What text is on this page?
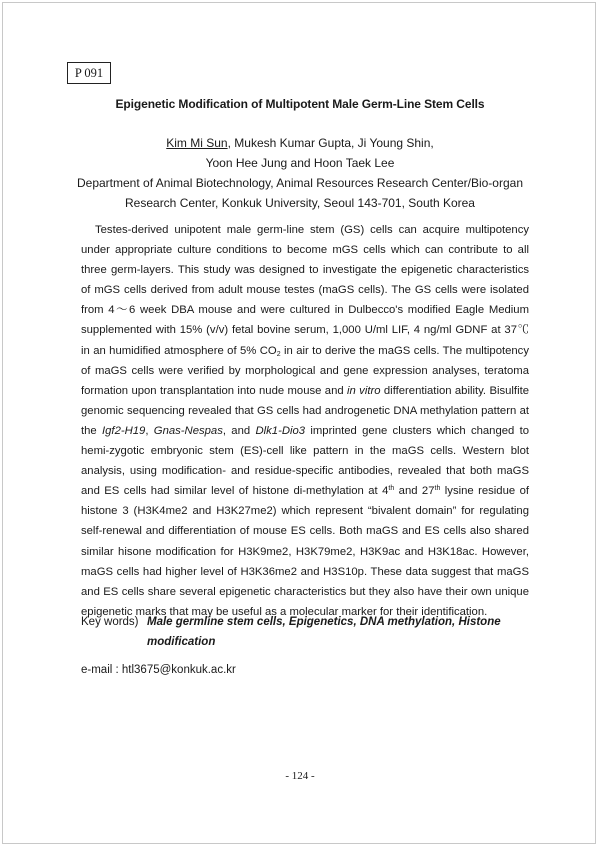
P 091
Epigenetic Modification of Multipotent Male Germ-Line Stem Cells
Kim Mi Sun, Mukesh Kumar Gupta, Ji Young Shin,
Yoon Hee Jung and Hoon Taek Lee
Department of Animal Biotechnology, Animal Resources Research Center/Bio-organ
Research Center, Konkuk University, Seoul 143-701, South Korea

Testes-derived unipotent male germ-line stem (GS) cells can acquire multipotency under appropriate culture conditions to become mGS cells which can contribute to all three germ-layers. This study was designed to investigate the epigenetic characteristics of mGS cells derived from adult mouse testes (maGS cells). The GS cells were isolated from 4～6 week DBA mouse and were cultured in Dulbecco's modified Eagle Medium supplemented with 15% (v/v) fetal bovine serum, 1,000 U/ml LIF, 4 ng/ml GDNF at 37℃ in an humidified atmosphere of 5% $CO_2$ in air to derive the maGS cells. The multipotency of maGS cells were verified by morphological and gene expression analyses, teratoma formation upon transplantation into nude mouse and in vitro differentiation ability. Bisulfite genomic sequencing revealed that GS cells had androgenetic DNA methylation pattern at the Igf2-H19, Gnas-Nespas, and Dlk1-Dio3 imprinted gene clusters which changed to hemi-zygotic embryonic stem (ES)-cell like pattern in the maGS cells. Western blot analysis, using modification- and residue-specific antibodies, revealed that both maGS and ES cells had similar level of histone di-methylation at 4th and 27th lysine residue of histone 3 (H3K4me2 and H3K27me2) which represent “bivalent domain” for regulating self-renewal and differentiation of mouse ES cells. Both maGS and ES cells also shared similar hisone modification for H3K9me2, H3K79me2, H3K9ac and H3K18ac. However, maGS cells had higher level of H3K36me2 and H3S10p. These data suggest that maGS and ES cells share several epigenetic characteristics but they also have their own unique epigenetic marks that may be useful as a molecular marker for their identification.

Key words) Male germline stem cells, Epigenetics, DNA methylation, Histone modification
e-mail : htl3675@konkuk.ac.kr
- 124 -
